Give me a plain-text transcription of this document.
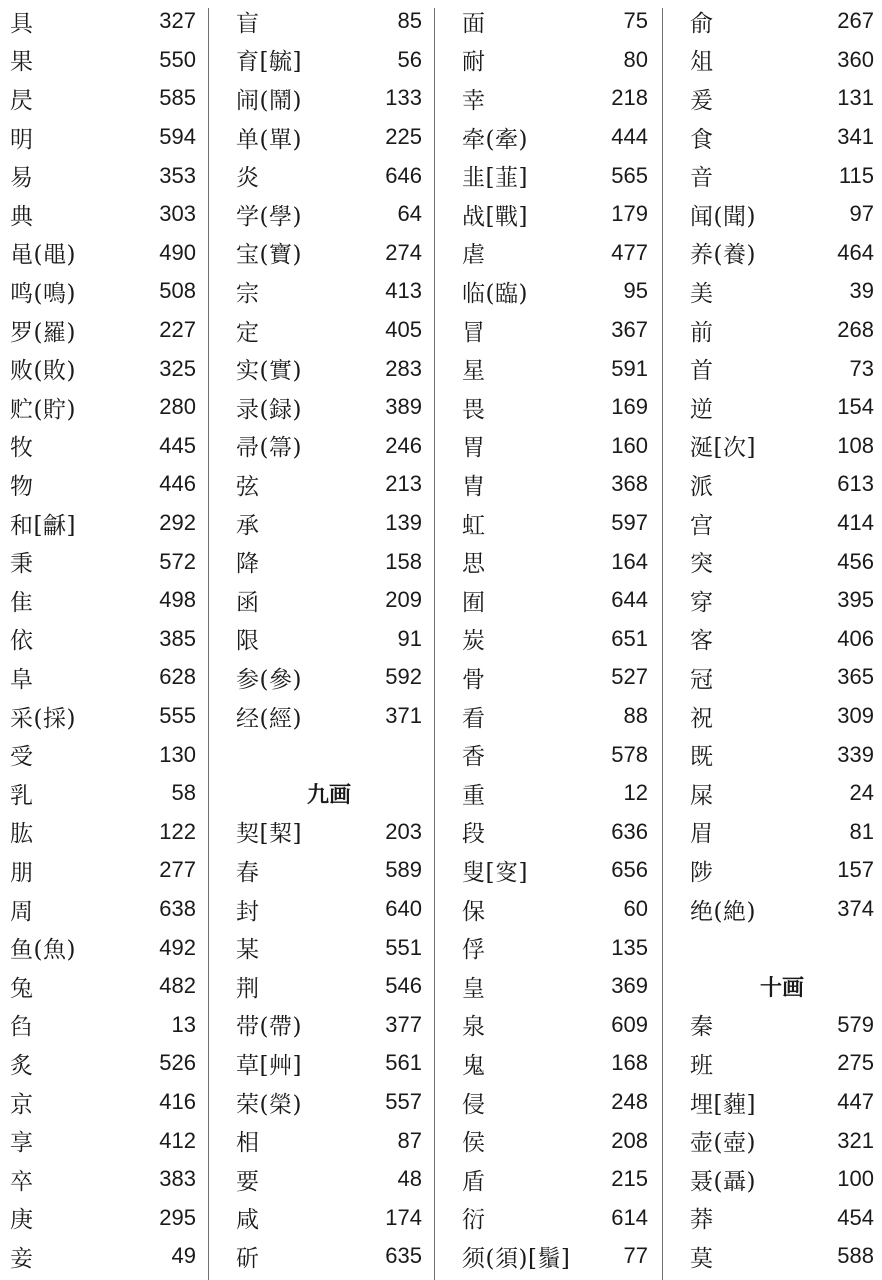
具	327
果	550
昃	585
明	594
易	353
典	303
黾(黽)	490
鸣(鳴)	508
罗(羅)	227
败(敗)	325
贮(貯)	280
牧	445
物	446
和[龢]	292
秉	572
隹	498
依	385
阜	628
采(採)	555
受	130
乳	58
肱	122
朋	277
周	638
鱼(魚)	492
兔	482
臽	13
炙	526
京	416
享	412
卒	383
庚	295
妾	49
盲	85
育[毓]	56
闹(鬧)	133
单(單)	225
炎	646
学(學)	64
宝(寶)	274
宗	413
定	405
实(實)	283
录(録)	389
帚(箒)	246
弦	213
承	139
降	158
函	209
限	91
参(參)	592
经(經)	371
九画
契[栔]	203
春	589
封	640
某	551
荆	546
带(帶)	377
草[艸]	561
荣(榮)	557
相	87
要	48
咸	174
斫	635
面	75
耐	80
幸	218
牵(牽)	444
韭[韮]	565
战[戰]	179
虐	477
临(臨)	95
冒	367
星	591
畏	169
胃	160
胄	368
虹	597
思	164
囿	644
炭	651
骨	527
看	88
香	578
重	12
段	636
叟[叜]	656
保	60
俘	135
皇	369
泉	609
鬼	168
侵	248
侯	208
盾	215
衍	614
须(須)[鬚] 77
俞	267
俎	360
爰	131
食	341
音	115
闻(聞)	97
养(養)	464
美	39
前	268
首	73
逆	154
涎[次]	108
派	613
宫	414
突	456
穿	395
客	406
冠	365
祝	309
既	339
屎	24
眉	81
陟	157
绝(絶)	374
十画
秦	579
班	275
埋[薶]	447
壶(壺)	321
聂(聶)	100
莽	454
莫	588
